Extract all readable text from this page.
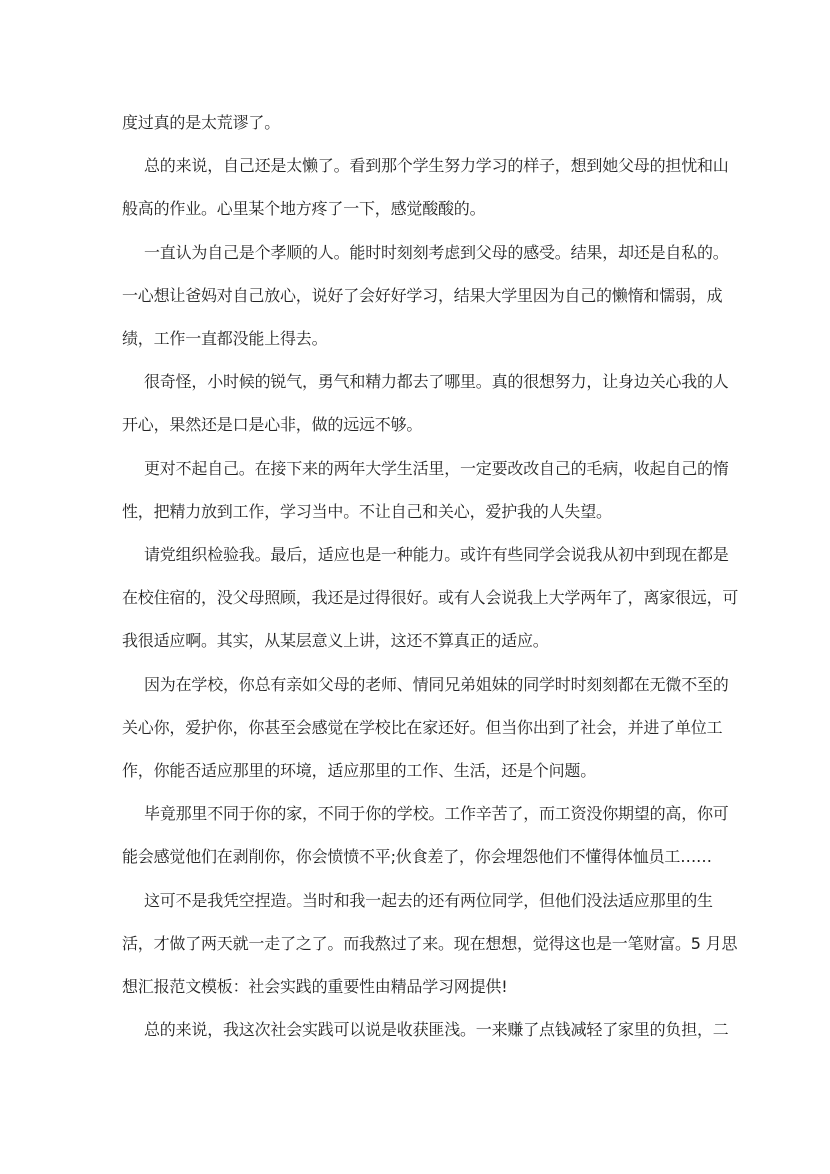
度过真的是太荒谬了。
总的来说，自己还是太懒了。看到那个学生努力学习的样子，想到她父母的担忧和山
般高的作业。心里某个地方疼了一下，感觉酸酸的。
一直认为自己是个孝顺的人。能时时刻刻考虑到父母的感受。结果，却还是自私的。
一心想让爸妈对自己放心，说好了会好好学习，结果大学里因为自己的懒惰和懦弱，成
绩，工作一直都没能上得去。
很奇怪，小时候的锐气，勇气和精力都去了哪里。真的很想努力，让身边关心我的人
开心，果然还是口是心非，做的远远不够。
更对不起自己。在接下来的两年大学生活里，一定要改改自己的毛病，收起自己的惰
性，把精力放到工作，学习当中。不让自己和关心，爱护我的人失望。
请党组织检验我。最后，适应也是一种能力。或许有些同学会说我从初中到现在都是
在校住宿的，没父母照顾，我还是过得很好。或有人会说我上大学两年了，离家很远，可
我很适应啊。其实，从某层意义上讲，这还不算真正的适应。
因为在学校，你总有亲如父母的老师、情同兄弟姐妹的同学时时刻刻都在无微不至的
关心你，爱护你，你甚至会感觉在学校比在家还好。但当你出到了社会，并进了单位工
作，你能否适应那里的环境，适应那里的工作、生活，还是个问题。
毕竟那里不同于你的家，不同于你的学校。工作辛苦了，而工资没你期望的高，你可
能会感觉他们在剥削你，你会愤愤不平;伙食差了，你会埋怨他们不懂得体恤员工……
这可不是我凭空捏造。当时和我一起去的还有两位同学，但他们没法适应那里的生
活，才做了两天就一走了之了。而我熬过了来。现在想想，觉得这也是一笔财富。5 月思
想汇报范文模板：社会实践的重要性由精品学习网提供!
总的来说，我这次社会实践可以说是收获匪浅。一来赚了点钱减轻了家里的负担，二
